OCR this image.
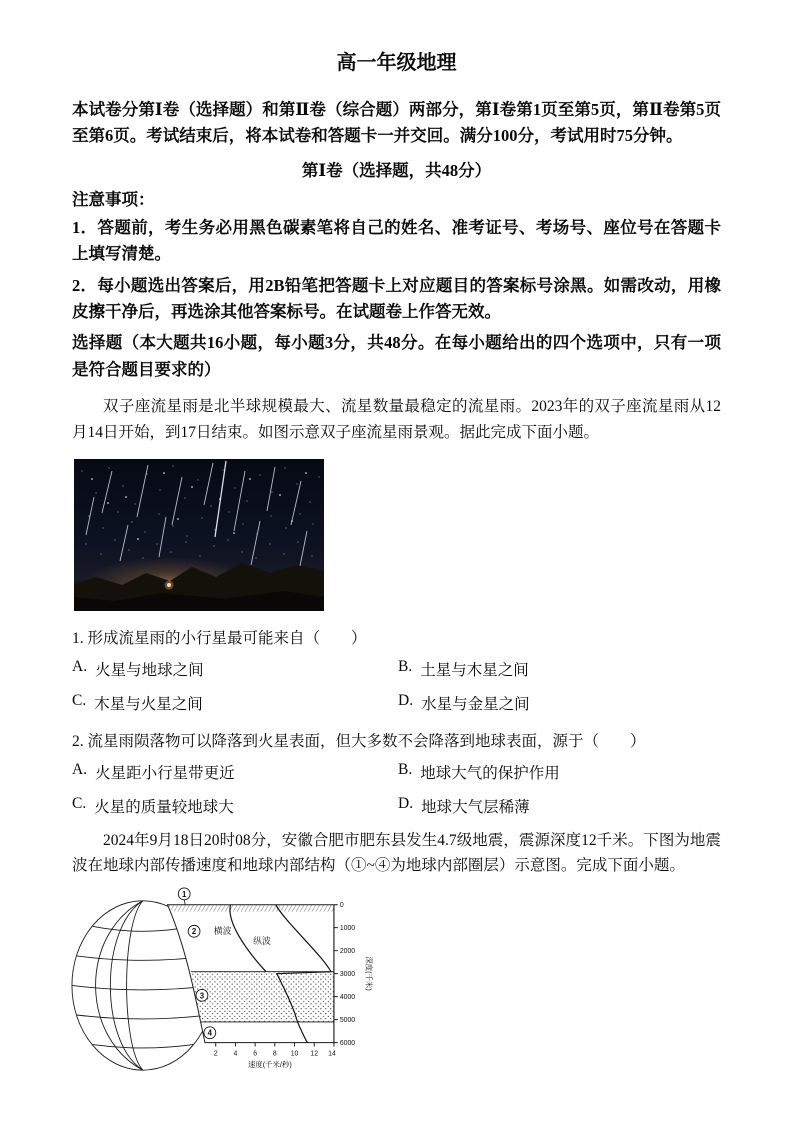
高一年级地理

本试卷分第Ⅰ卷（选择题）和第Ⅱ卷（综合题）两部分，第Ⅰ卷第1页至第5页，第Ⅱ卷第5页至第6页。考试结束后，将本试卷和答题卡一并交回。满分100分，考试用时75分钟。

第Ⅰ卷（选择题，共48分）
注意事项：

1．答题前，考生务必用黑色碳素笔将自己的姓名、准考证号、考场号、座位号在答题卡上填写清楚。

2．每小题选出答案后，用2B铅笔把答题卡上对应题目的答案标号涂黑。如需改动，用橡皮擦干净后，再选涂其他答案标号。在试题卷上作答无效。

选择题（本大题共16小题，每小题3分，共48分。在每小题给出的四个选项中，只有一项是符合题目要求的）

双子座流星雨是北半球规模最大、流星数量最稳定的流星雨。2023年的双子座流星雨从12月14日开始，到17日结束。如图示意双子座流星雨景观。据此完成下面小题。

1. 形成流星雨的小行星最可能来自（　　）

A. 火星与地球之间	B. 土星与木星之间
C. 木星与火星之间	D. 水星与金星之间

2. 流星雨陨落物可以降落到火星表面，但大多数不会降落到地球表面，源于（　　）

A. 火星距小行星带更近	B. 地球大气的保护作用
C. 火星的质量较地球大	D. 地球大气层稀薄

2024年9月18日20时08分，安徽合肥市肥东县发生4.7级地震，震源深度12千米。下图为地震波在地球内部传播速度和地球内部结构（①~④为地球内部圈层）示意图。完成下面小题。

横波
纵波
0
1000
2000
3000
4000
5000
6000
深度(千米)
2 4 6 8 10 12 14
速度(千米/秒)
1
2
3
4
